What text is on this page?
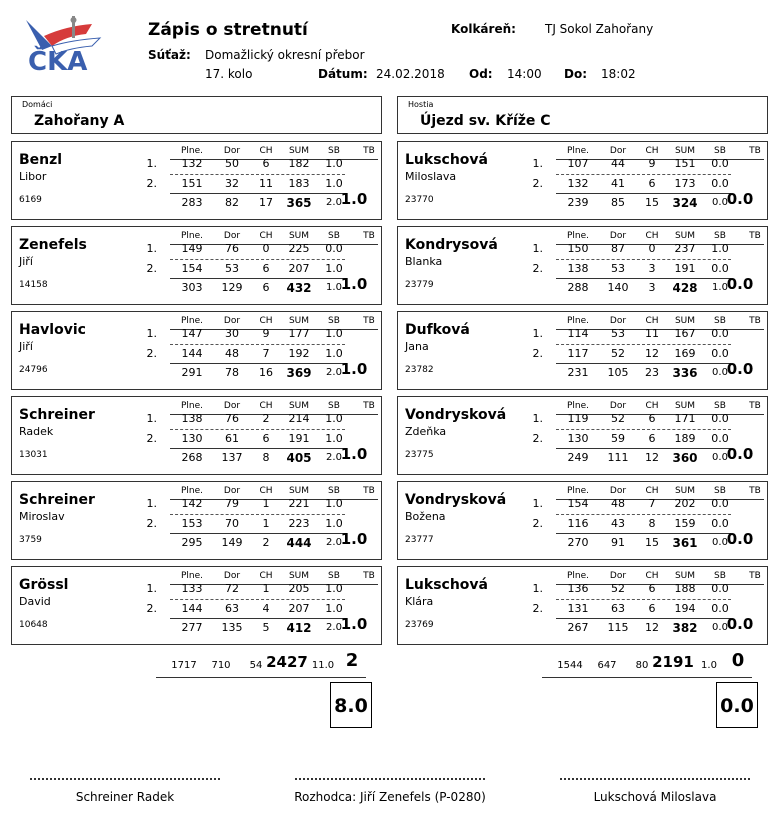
ČKA
Zápis o stretnutí
Súťaž: Domažlický okresní přebor
17. kolo
Kolkáreň: TJ Sokol Zahořany
Dátum: 24.02.2018 Od: 14:00 Do: 18:02
Domáci
Zahořany A
Hostia
Újezd sv. Kříže C
Benzl
Libor
6169
Plne.	Dor	CH	SUM	SB	TB
1.
2.
132	50	6	182	1.0
151	32	11	183	1.0
283	82	17	365	2.0
1.0
Zenefels
Jiří
14158
Plne.	Dor	CH	SUM	SB	TB
1.
2.
149	76	0	225	0.0
154	53	6	207	1.0
303	129	6	432	1.0
1.0
Havlovic
Jiří
24796
Plne.	Dor	CH	SUM	SB	TB
1.
2.
147	30	9	177	1.0
144	48	7	192	1.0
291	78	16	369	2.0
1.0
Schreiner
Radek
13031
Plne.	Dor	CH	SUM	SB	TB
1.
2.
138	76	2	214	1.0
130	61	6	191	1.0
268	137	8	405	2.0
1.0
Schreiner
Miroslav
3759
Plne.	Dor	CH	SUM	SB	TB
1.
2.
142	79	1	221	1.0
153	70	1	223	1.0
295	149	2	444	2.0
1.0
Grössl
David
10648
Plne.	Dor	CH	SUM	SB	TB
1.
2.
133	72	1	205	1.0
144	63	4	207	1.0
277	135	5	412	2.0
1.0
Lukschová
Miloslava
23770
Plne.	Dor	CH	SUM	SB	TB
1.
2.
107	44	9	151	0.0
132	41	6	173	0.0
239	85	15	324	0.0
0.0
Kondrysová
Blanka
23779
Plne.	Dor	CH	SUM	SB	TB
1.
2.
150	87	0	237	1.0
138	53	3	191	0.0
288	140	3	428	1.0
0.0
Dufková
Jana
23782
Plne.	Dor	CH	SUM	SB	TB
1.
2.
114	53	11	167	0.0
117	52	12	169	0.0
231	105	23	336	0.0
0.0
Vondrysková
Zdeňka
23775
Plne.	Dor	CH	SUM	SB	TB
1.
2.
119	52	6	171	0.0
130	59	6	189	0.0
249	111	12	360	0.0
0.0
Vondrysková
Božena
23777
Plne.	Dor	CH	SUM	SB	TB
1.
2.
154	48	7	202	0.0
116	43	8	159	0.0
270	91	15	361	0.0
0.0
Lukschová
Klára
23769
Plne.	Dor	CH	SUM	SB	TB
1.
2.
136	52	6	188	0.0
131	63	6	194	0.0
267	115	12	382	0.0
0.0
1717	710	54 2427 11.0 2
8.0
1544	647	80 2191 1.0 0
0.0
Schreiner Radek	Rozhodca: Jiří Zenefels (P-0280)	Lukschová Miloslava
